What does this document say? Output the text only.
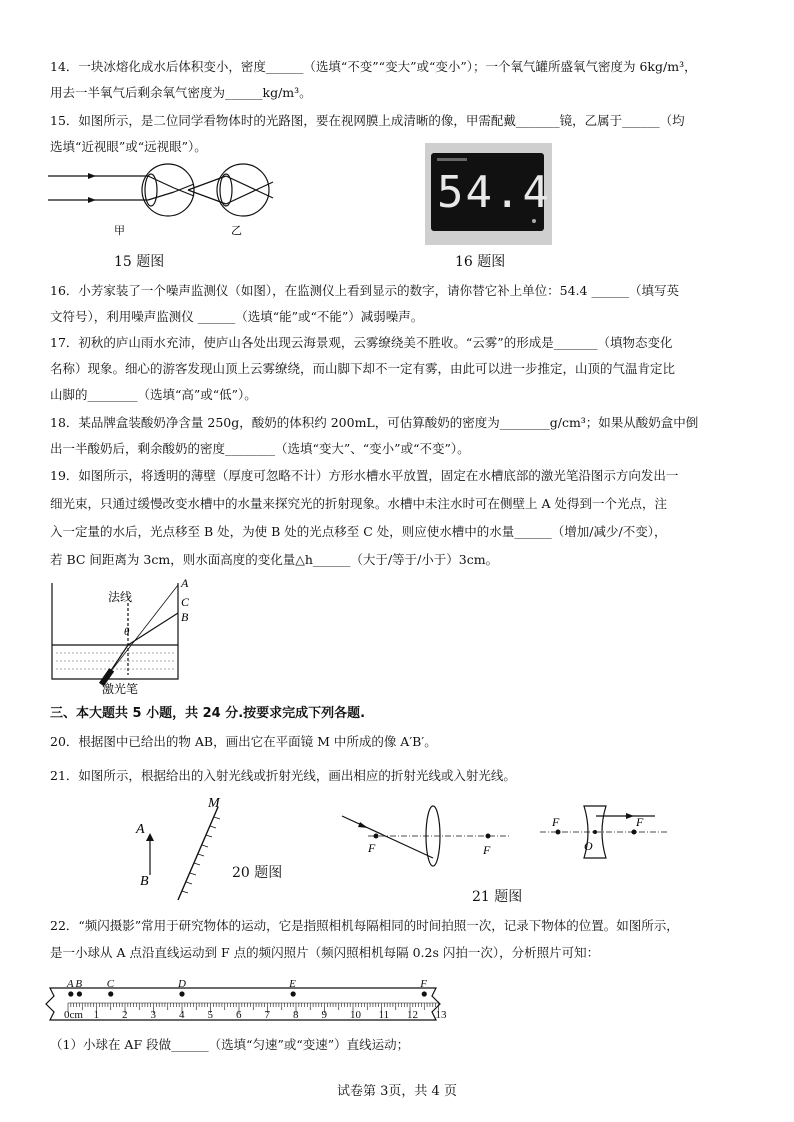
14．一块冰熔化成水后体积变小，密度______（选填“不变”“变大”或“变小”）；一个氧气罐所盛氧气密度为 6kg/m³，
用去一半氧气后剩余氧气密度为______kg/m³。
15．如图所示，是二位同学看物体时的光路图，要在视网膜上成清晰的像，甲需配戴_______镜，乙属于______（均
选填“近视眼”或“远视眼”）。
甲	乙
15 题图
54.4
16 题图
16．小芳家装了一个噪声监测仪（如图），在监测仪上看到显示的数字，请你替它补上单位：54.4 ______（填写英
文符号），利用噪声监测仪 ______（选填“能”或“不能”）减弱噪声。
17．初秋的庐山雨水充沛，使庐山各处出现云海景观，云雾缭绕美不胜收。“云雾”的形成是_______（填物态变化
名称）现象。细心的游客发现山顶上云雾缭绕，而山脚下却不一定有雾，由此可以进一步推定，山顶的气温肯定比
山脚的________（选填“高”或“低”）。
18．某品牌盒装酸奶净含量 250g，酸奶的体积约 200mL，可估算酸奶的密度为________g/cm³；如果从酸奶盒中倒
出一半酸奶后，剩余酸奶的密度________（选填“变大”、“变小”或“不变”）。
19．如图所示，将透明的薄壁（厚度可忽略不计）方形水槽水平放置，固定在水槽底部的激光笔沿图示方向发出一
细光束，只通过缓慢改变水槽中的水量来探究光的折射现象。水槽中未注水时可在侧壁上 A 处得到一个光点，注
入一定量的水后，光点移至 B 处，为使 B 处的光点移至 C 处，则应使水槽中的水量______（增加/减少/不变），
若 BC 间距离为 3cm，则水面高度的变化量△h______（大于/等于/小于）3cm。
法线
θ
A
C
B
激光笔
三、本大题共 5 小题，共 24 分.按要求完成下列各题.
20．根据图中已给出的物 AB，画出它在平面镜 M 中所成的像 A′B′。
21．如图所示，根据给出的入射光线或折射光线，画出相应的折射光线或入射光线。
A
B
M
20 题图
F	F
F	F
O
21 题图
22．“频闪摄影”常用于研究物体的运动，它是指照相机每隔相同的时间拍照一次，记录下物体的位置。如图所示，
是一小球从 A 点沿直线运动到 F 点的频闪照片（频闪照相机每隔 0.2s 闪拍一次），分析照片可知：
0cm 1 2 3 4 5 6 7 8 9 10 11 12 13
A B C	D	E	F
（1）小球在 AF 段做______（选填“匀速”或“变速”）直线运动；
试卷第 3页，共 4 页
